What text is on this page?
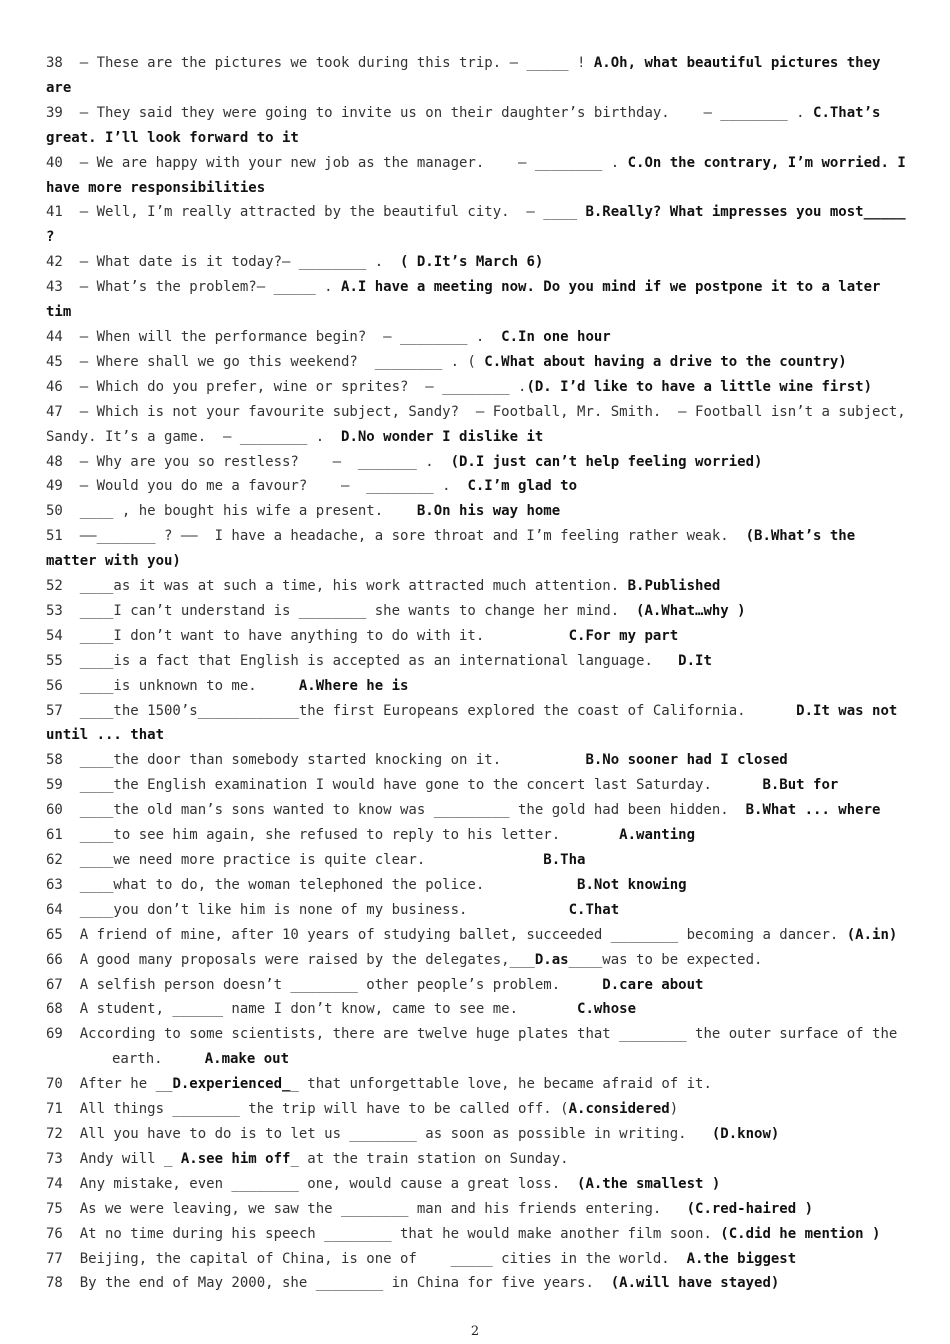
38  — These are the pictures we took during this trip. — _____ ! A.Oh, what beautiful pictures they are
39  — They said they were going to invite us on their daughter’s birthday.    — ________ . C.That’s great. I’ll look forward to it
40  — We are happy with your new job as the manager.    — ________ . C.On the contrary, I’m worried. I have more responsibilities
41  — Well, I’m really attracted by the beautiful city.  — ____ B.Really? What impresses you most_____ ?
42  — What date is it today?— ________ .  ( D.It’s March 6)
43  — What’s the problem?— _____ . A.I have a meeting now. Do you mind if we postpone it to a later tim
44  — When will the performance begin?  — ________ .  C.In one hour
45  — Where shall we go this weekend?  ________ . ( C.What about having a drive to the country)
46  — Which do you prefer, wine or sprites?  — ________ .(D. I’d like to have a little wine first)
47  — Which is not your favourite subject, Sandy?  — Football, Mr. Smith.  — Football isn’t a subject, Sandy. It’s a game.  — ________ .  D.No wonder I dislike it
48  — Why are you so restless?    —  _______ .  (D.I just can’t help feeling worried)
49  — Would you do me a favour?    —  ________ .  C.I’m glad to
50  ____ , he bought his wife a present.    B.On his way home
51  ——_______ ? ——  I have a headache, a sore throat and I’m feeling rather weak.  (B.What’s the matter with you)
52  ____as it was at such a time, his work attracted much attention. B.Published
53  ____I can’t understand is ________ she wants to change her mind.  (A.What…why )
54  ____I don’t want to have anything to do with it.          C.For my part
55  ____is a fact that English is accepted as an international language.   D.It
56  ____is unknown to me.     A.Where he is
57  ____the 1500’s____________the first Europeans explored the coast of California.      D.It was not until ... that
58  ____the door than somebody started knocking on it.          B.No sooner had I closed
59  ____the English examination I would have gone to the concert last Saturday.      B.But for
60  ____the old man’s sons wanted to know was _________ the gold had been hidden.  B.What ... where
61  ____to see him again, she refused to reply to his letter.       A.wanting
62  ____we need more practice is quite clear.              B.Tha
63  ____what to do, the woman telephoned the police.           B.Not knowing
64  ____you don’t like him is none of my business.            C.That
65  A friend of mine, after 10 years of studying ballet, succeeded ________ becoming a dancer. (A.in)
66  A good many proposals were raised by the delegates,___D.as____was to be expected.
67  A selfish person doesn’t ________ other people’s problem.     D.care about
68  A student, ______ name I don’t know, came to see me.       C.whose
69  According to some scientists, there are twelve huge plates that ________ the outer surface of the earth.     A.make out
70  After he __D.experienced__ that unforgettable love, he became afraid of it.
71  All things ________ the trip will have to be called off. (A.considered)
72  All you have to do is to let us ________ as soon as possible in writing.   (D.know)
73  Andy will _ A.see him off_ at the train station on Sunday.
74  Any mistake, even ________ one, would cause a great loss.  (A.the smallest )
75  As we were leaving, we saw the ________ man and his friends entering.   (C.red-haired )
76  At no time during his speech ________ that he would make another film soon. (C.did he mention )
77  Beijing, the capital of China, is one of    _____ cities in the world.  A.the biggest
78  By the end of May 2000, she ________ in China for five years.  (A.will have stayed)
2
